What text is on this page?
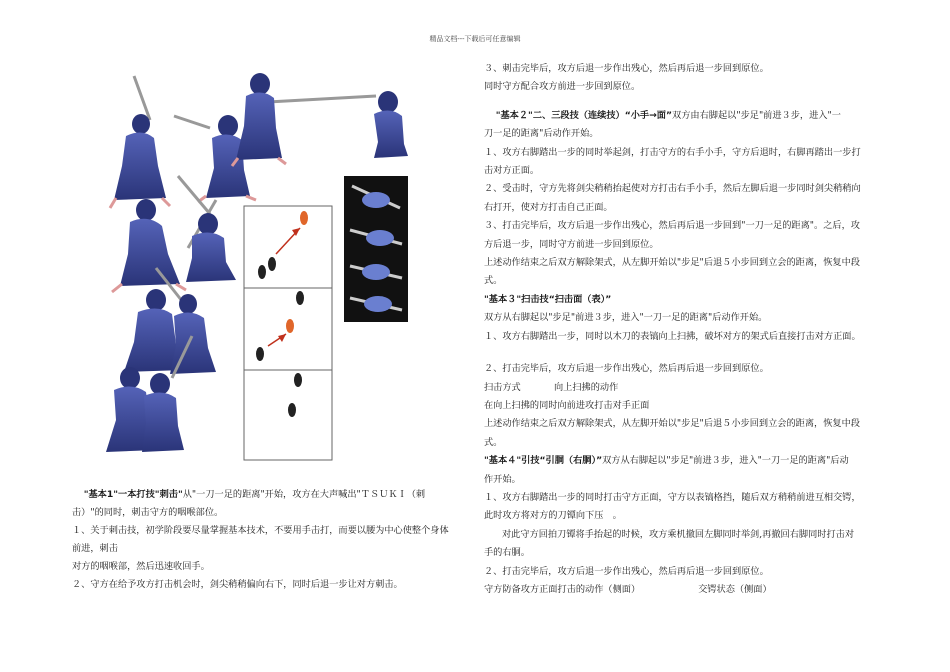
精品文档---下载后可任意编辑

"基本1"一本打技"刺击"从"一刀一足的距离"开始，攻方在大声喊出"ＴＳＵＫＩ（刺

击）"的同时，刺击守方的咽喉部位。

１、关于刺击技，初学阶段要尽量掌握基本技术，不要用手击打，而要以腰为中心使整个身体

前进，刺击

对方的咽喉部，然后迅速收回手。

２、守方在给予攻方打击机会时，剑尖稍稍偏向右下，同时后退一步让对方刺击。

３、刺击完毕后，攻方后退一步作出残心，然后再后退一步回到原位。

同时守方配合攻方前进一步回到原位。

"基本２"二、三段技（连续技）“小手→面”双方由右脚起以"步足"前进３步，进入"一

刀一足的距离"后动作开始。

１、攻方右脚踏出一步的同时举起剑，打击守方的右手小手，守方后退时，右脚再踏出一步打

击对方正面。

２、受击时，守方先将剑尖稍稍抬起使对方打击右手小手，然后左脚后退一步同时剑尖稍稍向

右打开，使对方打击自己正面。

３、打击完毕后，攻方后退一步作出残心，然后再后退一步回到"一刀一足的距离"。之后，攻

方后退一步，同时守方前进一步回到原位。

上述动作结束之后双方解除架式，从左脚开始以"步足"后退５小步回到立会的距离，恢复中段

式。

"基本３"扫击技“扫击面（表）”

双方从右脚起以"步足"前进３步，进入"一刀一足的距离"后动作开始。

１、攻方右脚踏出一步，同时以木刀的表镐向上扫拂，破坏对方的架式后直接打击对方正面。

２、打击完毕后，攻方后退一步作出残心，然后再后退一步回到原位。

扫击方式	向上扫拂的动作

在向上扫拂的同时向前进攻打击对手正面

上述动作结束之后双方解除架式，从左脚开始以"步足"后退５小步回到立会的距离，恢复中段

式。

"基本４"引技“引胴（右胴）”双方从右脚起以"步足"前进３步，进入"一刀一足的距离"后动

作开始。

１、攻方右脚踏出一步的同时打击守方正面，守方以表镐格挡，随后双方稍稍前进互相交锷，

此时攻方将对方的刀镡向下压　。

对此守方回拍刀镡将手抬起的时候，攻方乘机撤回左脚同时举剑,再撤回右脚同时打击对

手的右胴。

２、打击完毕后，攻方后退一步作出残心，然后再后退一步回到原位。

守方防备攻方正面打击的动作（侧面）	交锷状态（侧面）
